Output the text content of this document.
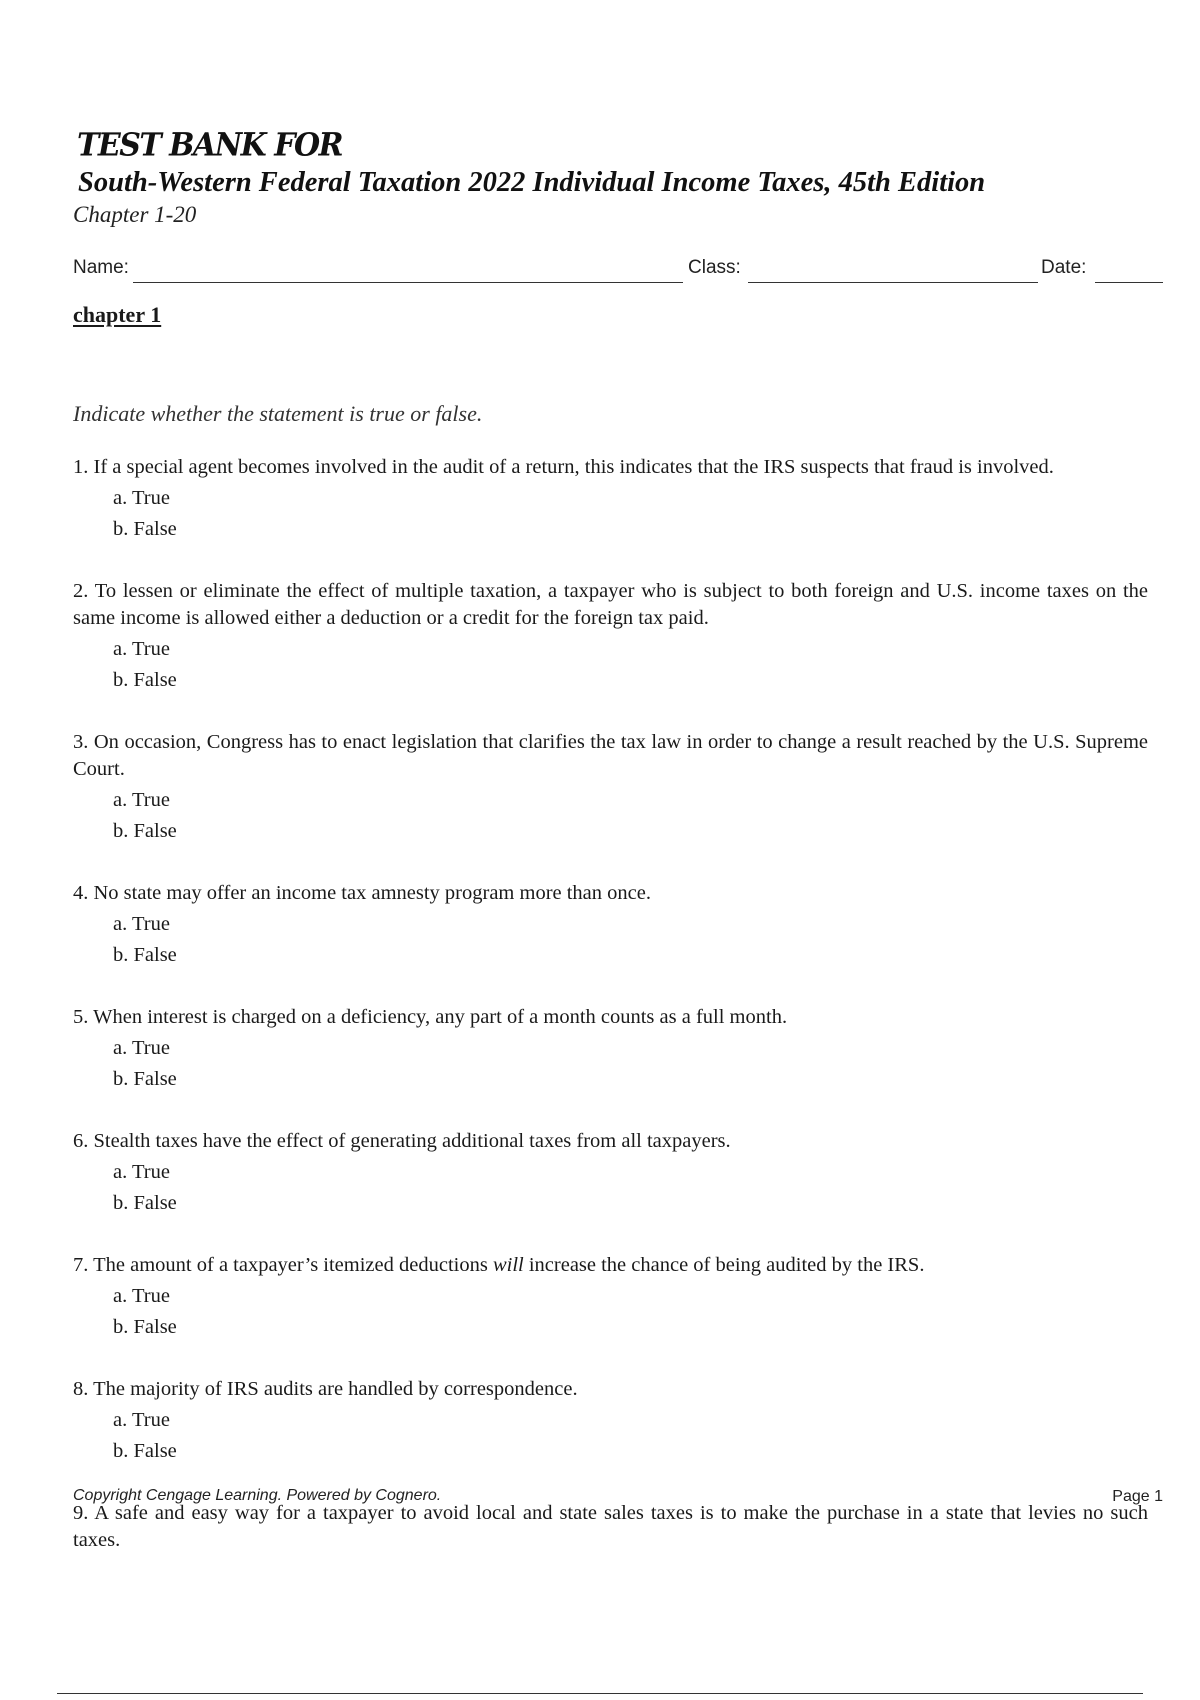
TEST BANK FOR
South-Western Federal Taxation 2022 Individual Income Taxes, 45th Edition
Chapter 1-20
Name:	Class:	Date:
chapter 1
Indicate whether the statement is true or false.
1. If a special agent becomes involved in the audit of a return, this indicates that the IRS suspects that fraud is involved.
a. True
b. False
2. To lessen or eliminate the effect of multiple taxation, a taxpayer who is subject to both foreign and U.S. income taxes on the same income is allowed either a deduction or a credit for the foreign tax paid.
a. True
b. False
3. On occasion, Congress has to enact legislation that clarifies the tax law in order to change a result reached by the U.S. Supreme Court.
a. True
b. False
4. No state may offer an income tax amnesty program more than once.
a. True
b. False
5. When interest is charged on a deficiency, any part of a month counts as a full month.
a. True
b. False
6. Stealth taxes have the effect of generating additional taxes from all taxpayers.
a. True
b. False
7. The amount of a taxpayer’s itemized deductions will increase the chance of being audited by the IRS.
a. True
b. False
8. The majority of IRS audits are handled by correspondence.
a. True
b. False
9. A safe and easy way for a taxpayer to avoid local and state sales taxes is to make the purchase in a state that levies no such taxes.
Copyright Cengage Learning. Powered by Cognero.	Page 1
